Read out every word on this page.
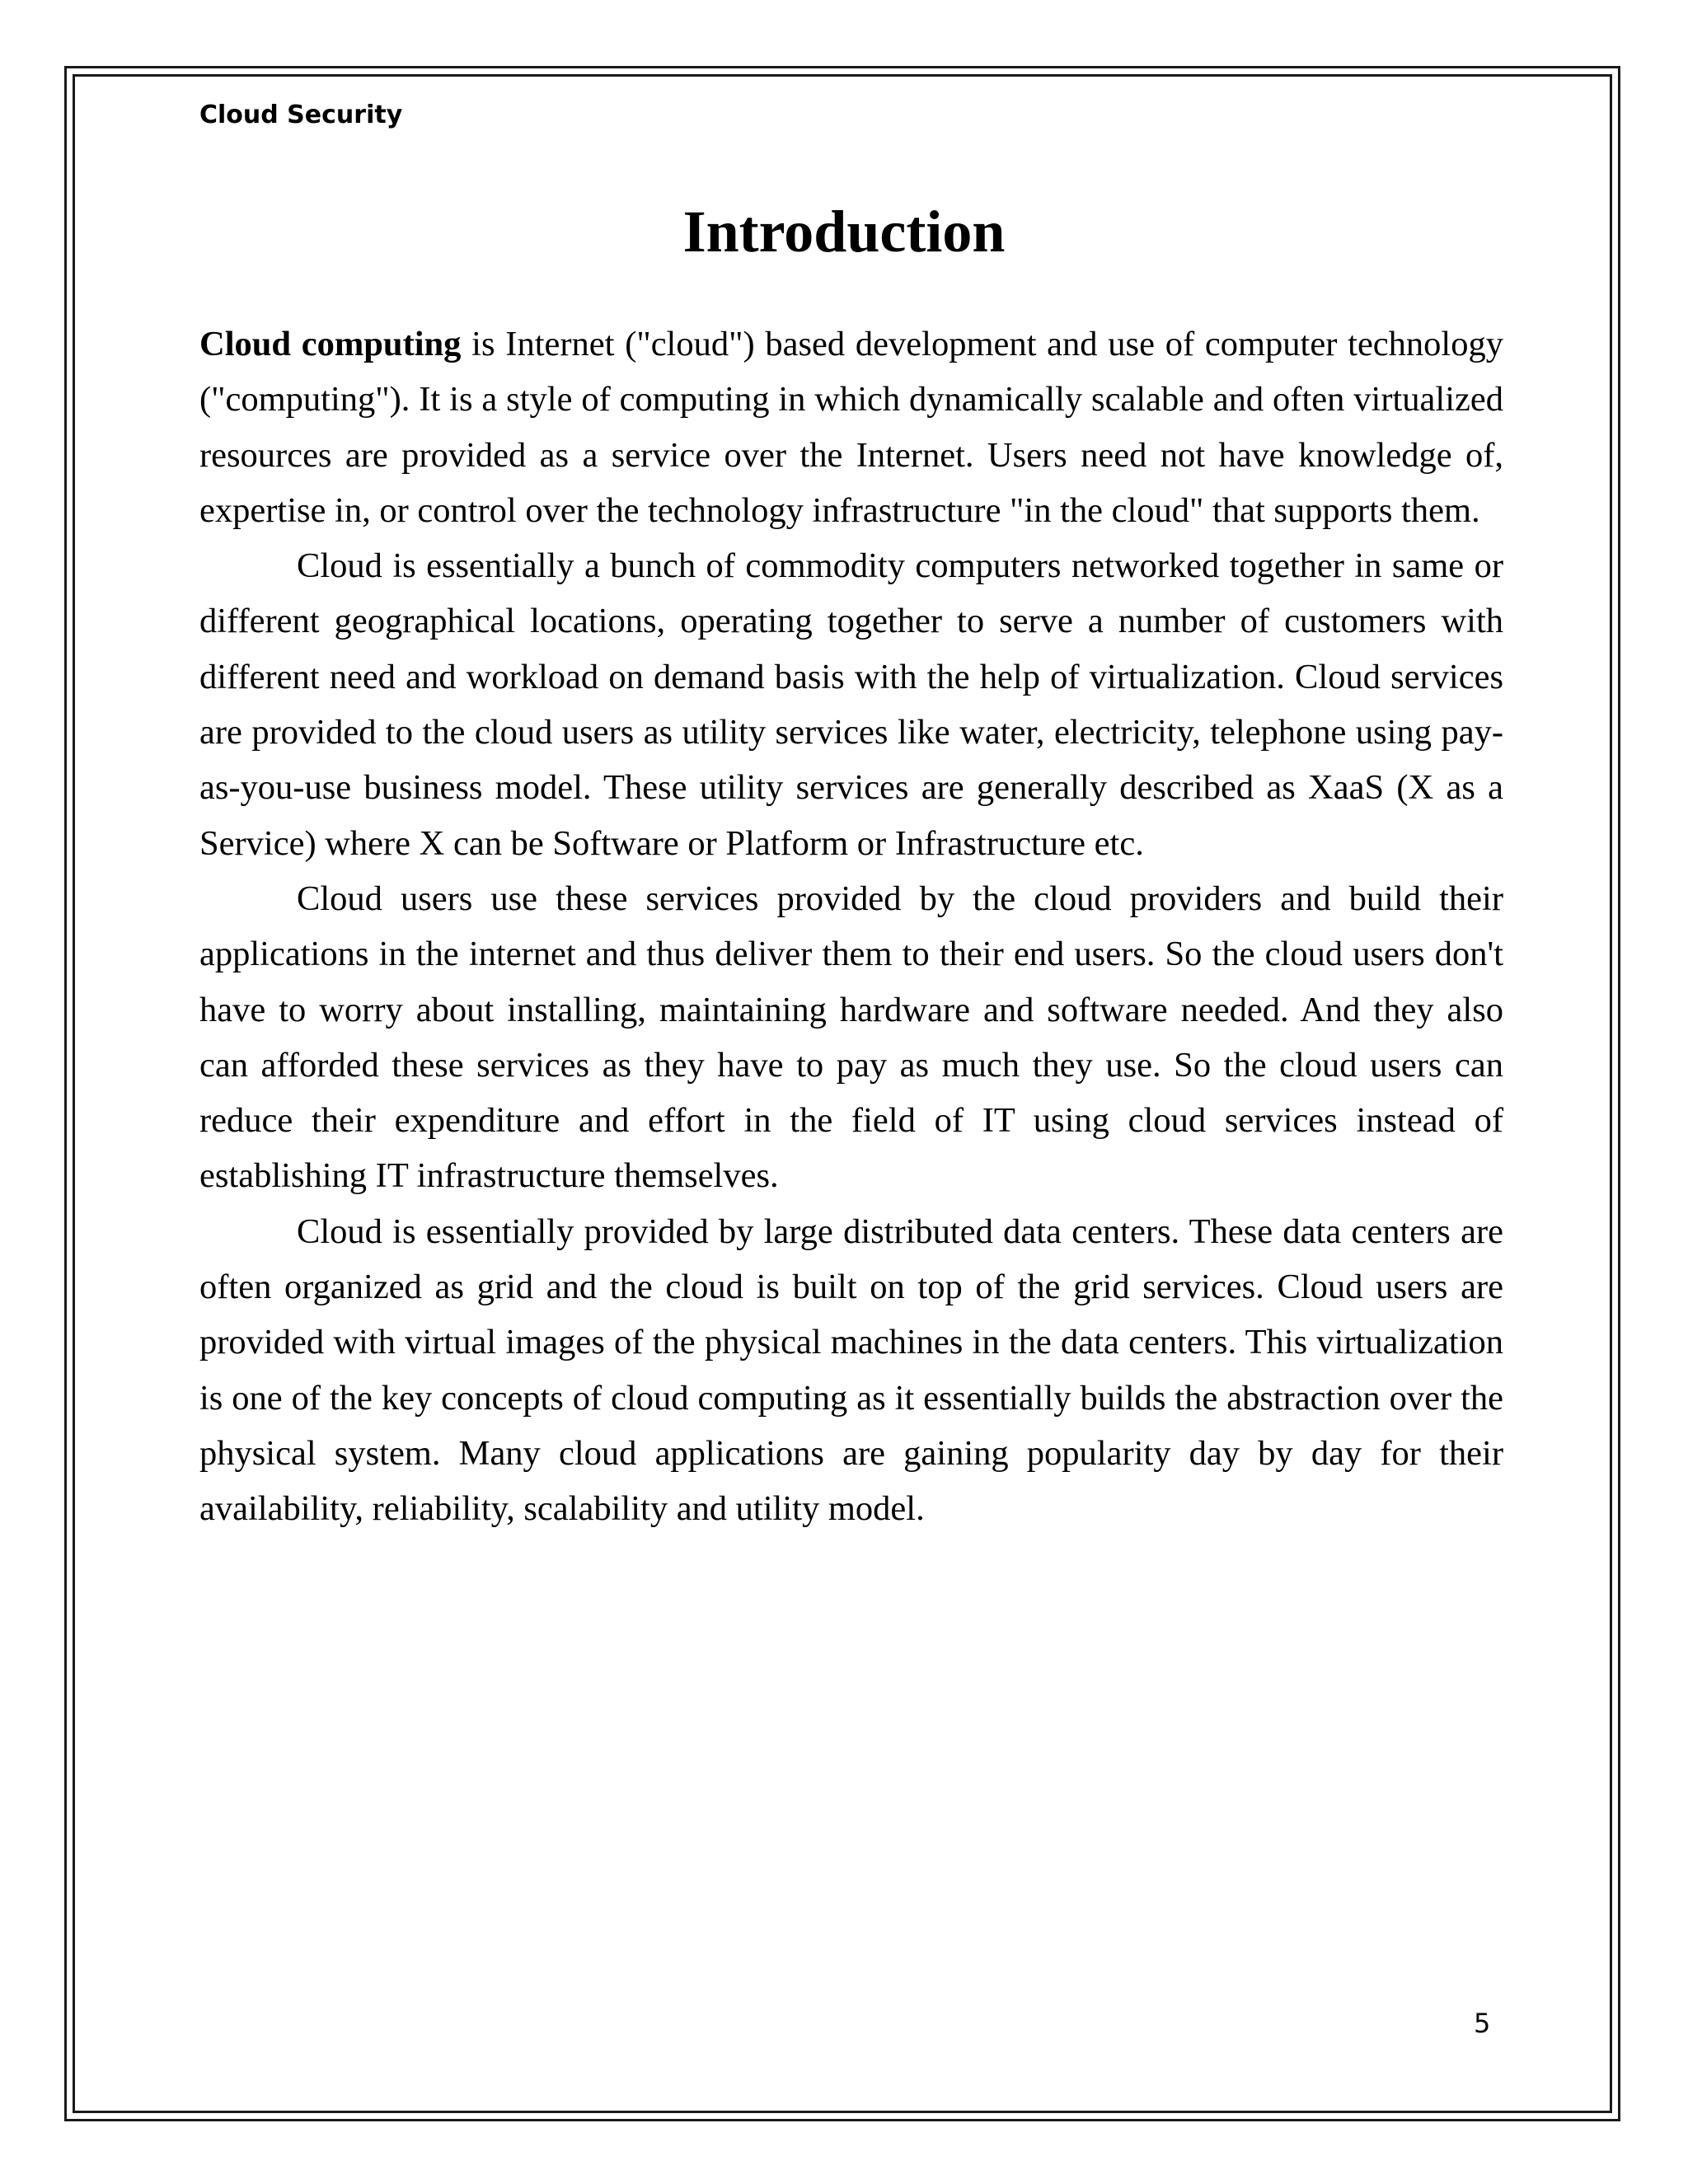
Cloud Security
Introduction

Cloud computing is Internet ("cloud") based development and use of computer technology ("computing"). It is a style of computing in which dynamically scalable and often virtualized resources are provided as a service over the Internet. Users need not have knowledge of, expertise in, or control over the technology infrastructure "in the cloud" that supports them.

Cloud is essentially a bunch of commodity computers networked together in same or different geographical locations, operating together to serve a number of customers with different need and workload on demand basis with the help of virtualization. Cloud services are provided to the cloud users as utility services like water, electricity, telephone using pay-as-you-use business model. These utility services are generally described as XaaS (X as a Service) where X can be Software or Platform or Infrastructure etc.

Cloud users use these services provided by the cloud providers and build their applications in the internet and thus deliver them to their end users. So the cloud users don't have to worry about installing, maintaining hardware and software needed. And they also can afforded these services as they have to pay as much they use. So the cloud users can reduce their expenditure and effort in the field of IT using cloud services instead of establishing IT infrastructure themselves.

Cloud is essentially provided by large distributed data centers. These data centers are often organized as grid and the cloud is built on top of the grid services. Cloud users are provided with virtual images of the physical machines in the data centers. This virtualization is one of the key concepts of cloud computing as it essentially builds the abstraction over the physical system. Many cloud applications are gaining popularity day by day for their availability, reliability, scalability and utility model.

5
